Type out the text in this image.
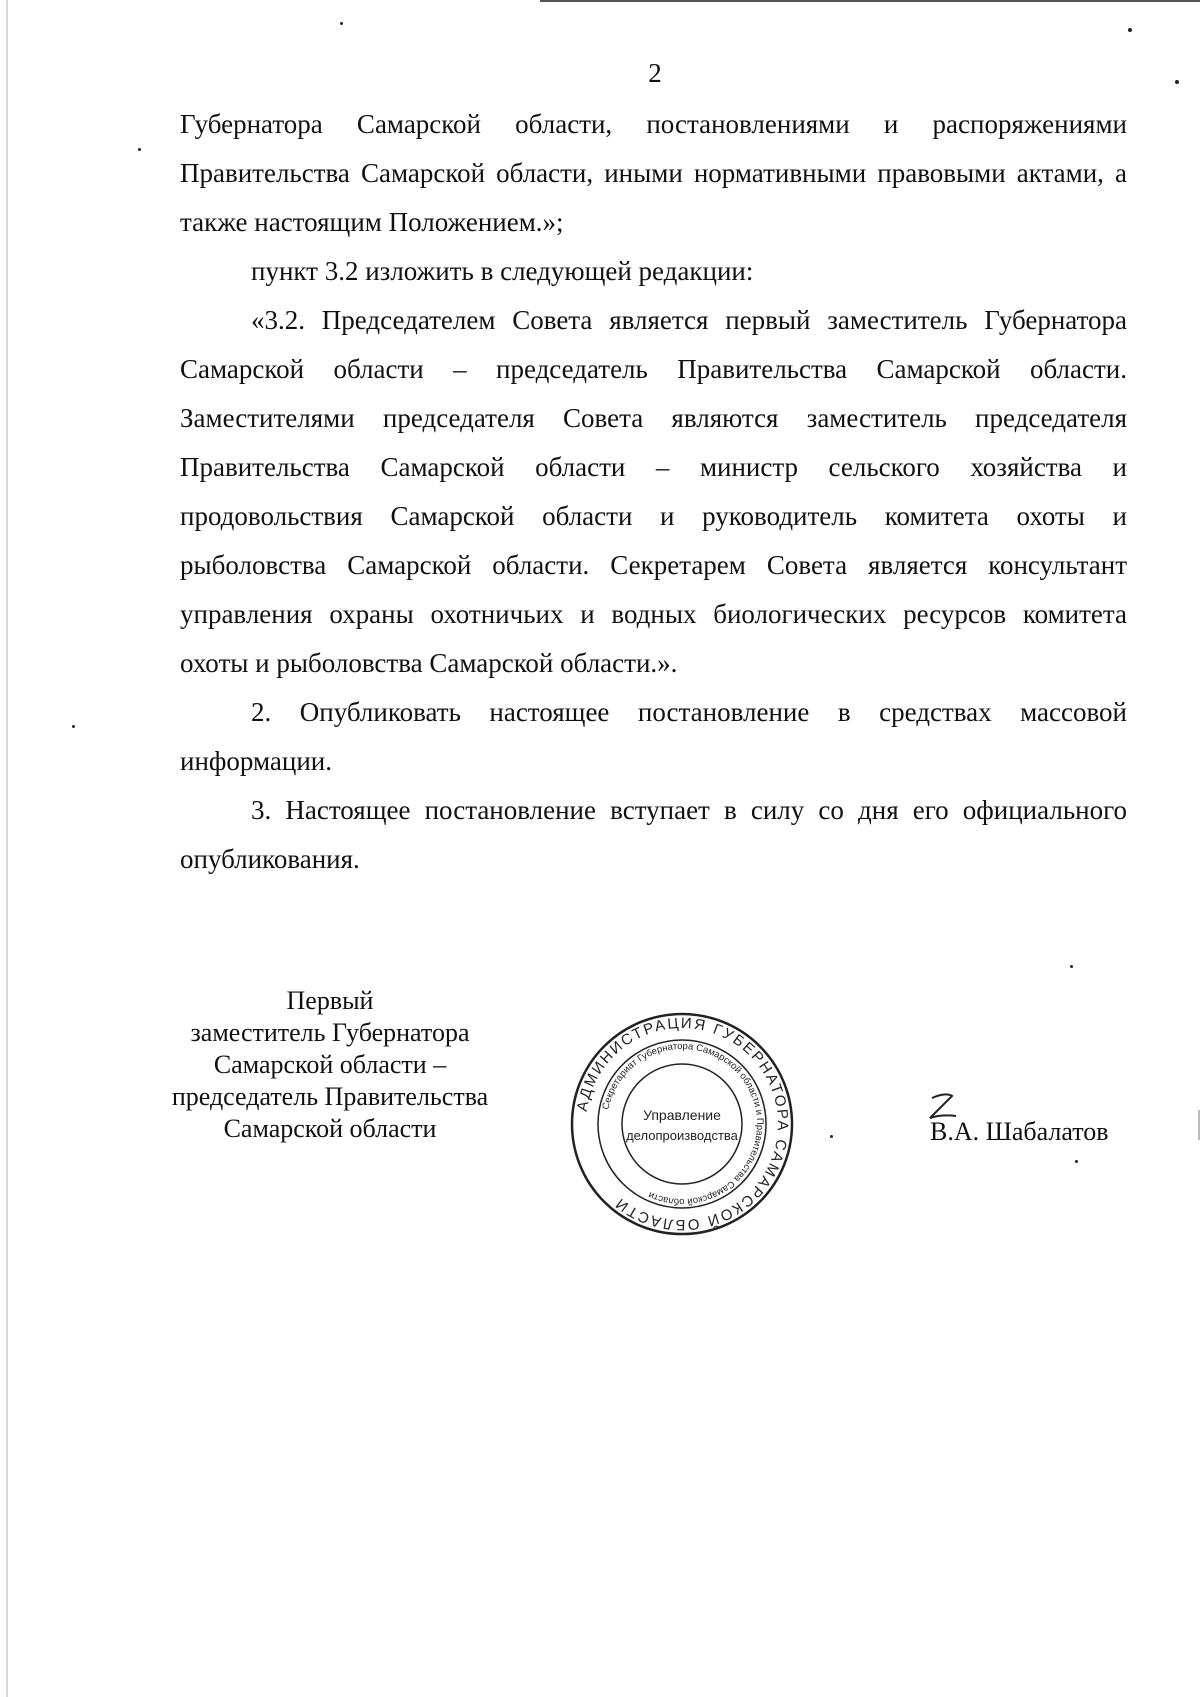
2

Губернатора Самарской области, постановлениями и распоряжениями Правительства Самарской области, иными нормативными правовыми актами, а также настоящим Положением.»;

пункт 3.2 изложить в следующей редакции:

«3.2. Председателем Совета является первый заместитель Губернатора Самарской области – председатель Правительства Самарской области. Заместителями председателя Совета являются заместитель председателя Правительства Самарской области – министр сельского хозяйства и продовольствия Самарской области и руководитель комитета охоты и рыболовства Самарской области. Секретарем Совета является консультант управления охраны охотничьих и водных биологических ресурсов комитета охоты и рыболовства Самарской области.».

2. Опубликовать настоящее постановление в средствах массовой информации.

3. Настоящее постановление вступает в силу со дня его официального опубликования.

Первый
заместитель Губернатора
Самарской области –
председатель Правительства
Самарской области
АДМИНИСТРАЦИЯ ГУБЕРНАТОРА САМАРСКОЙ ОБЛАСТИ
Секретариат Губернатора Самарской области и Правительства Самарской области
Управление
делопроизводства	В.А. Шабалатов
